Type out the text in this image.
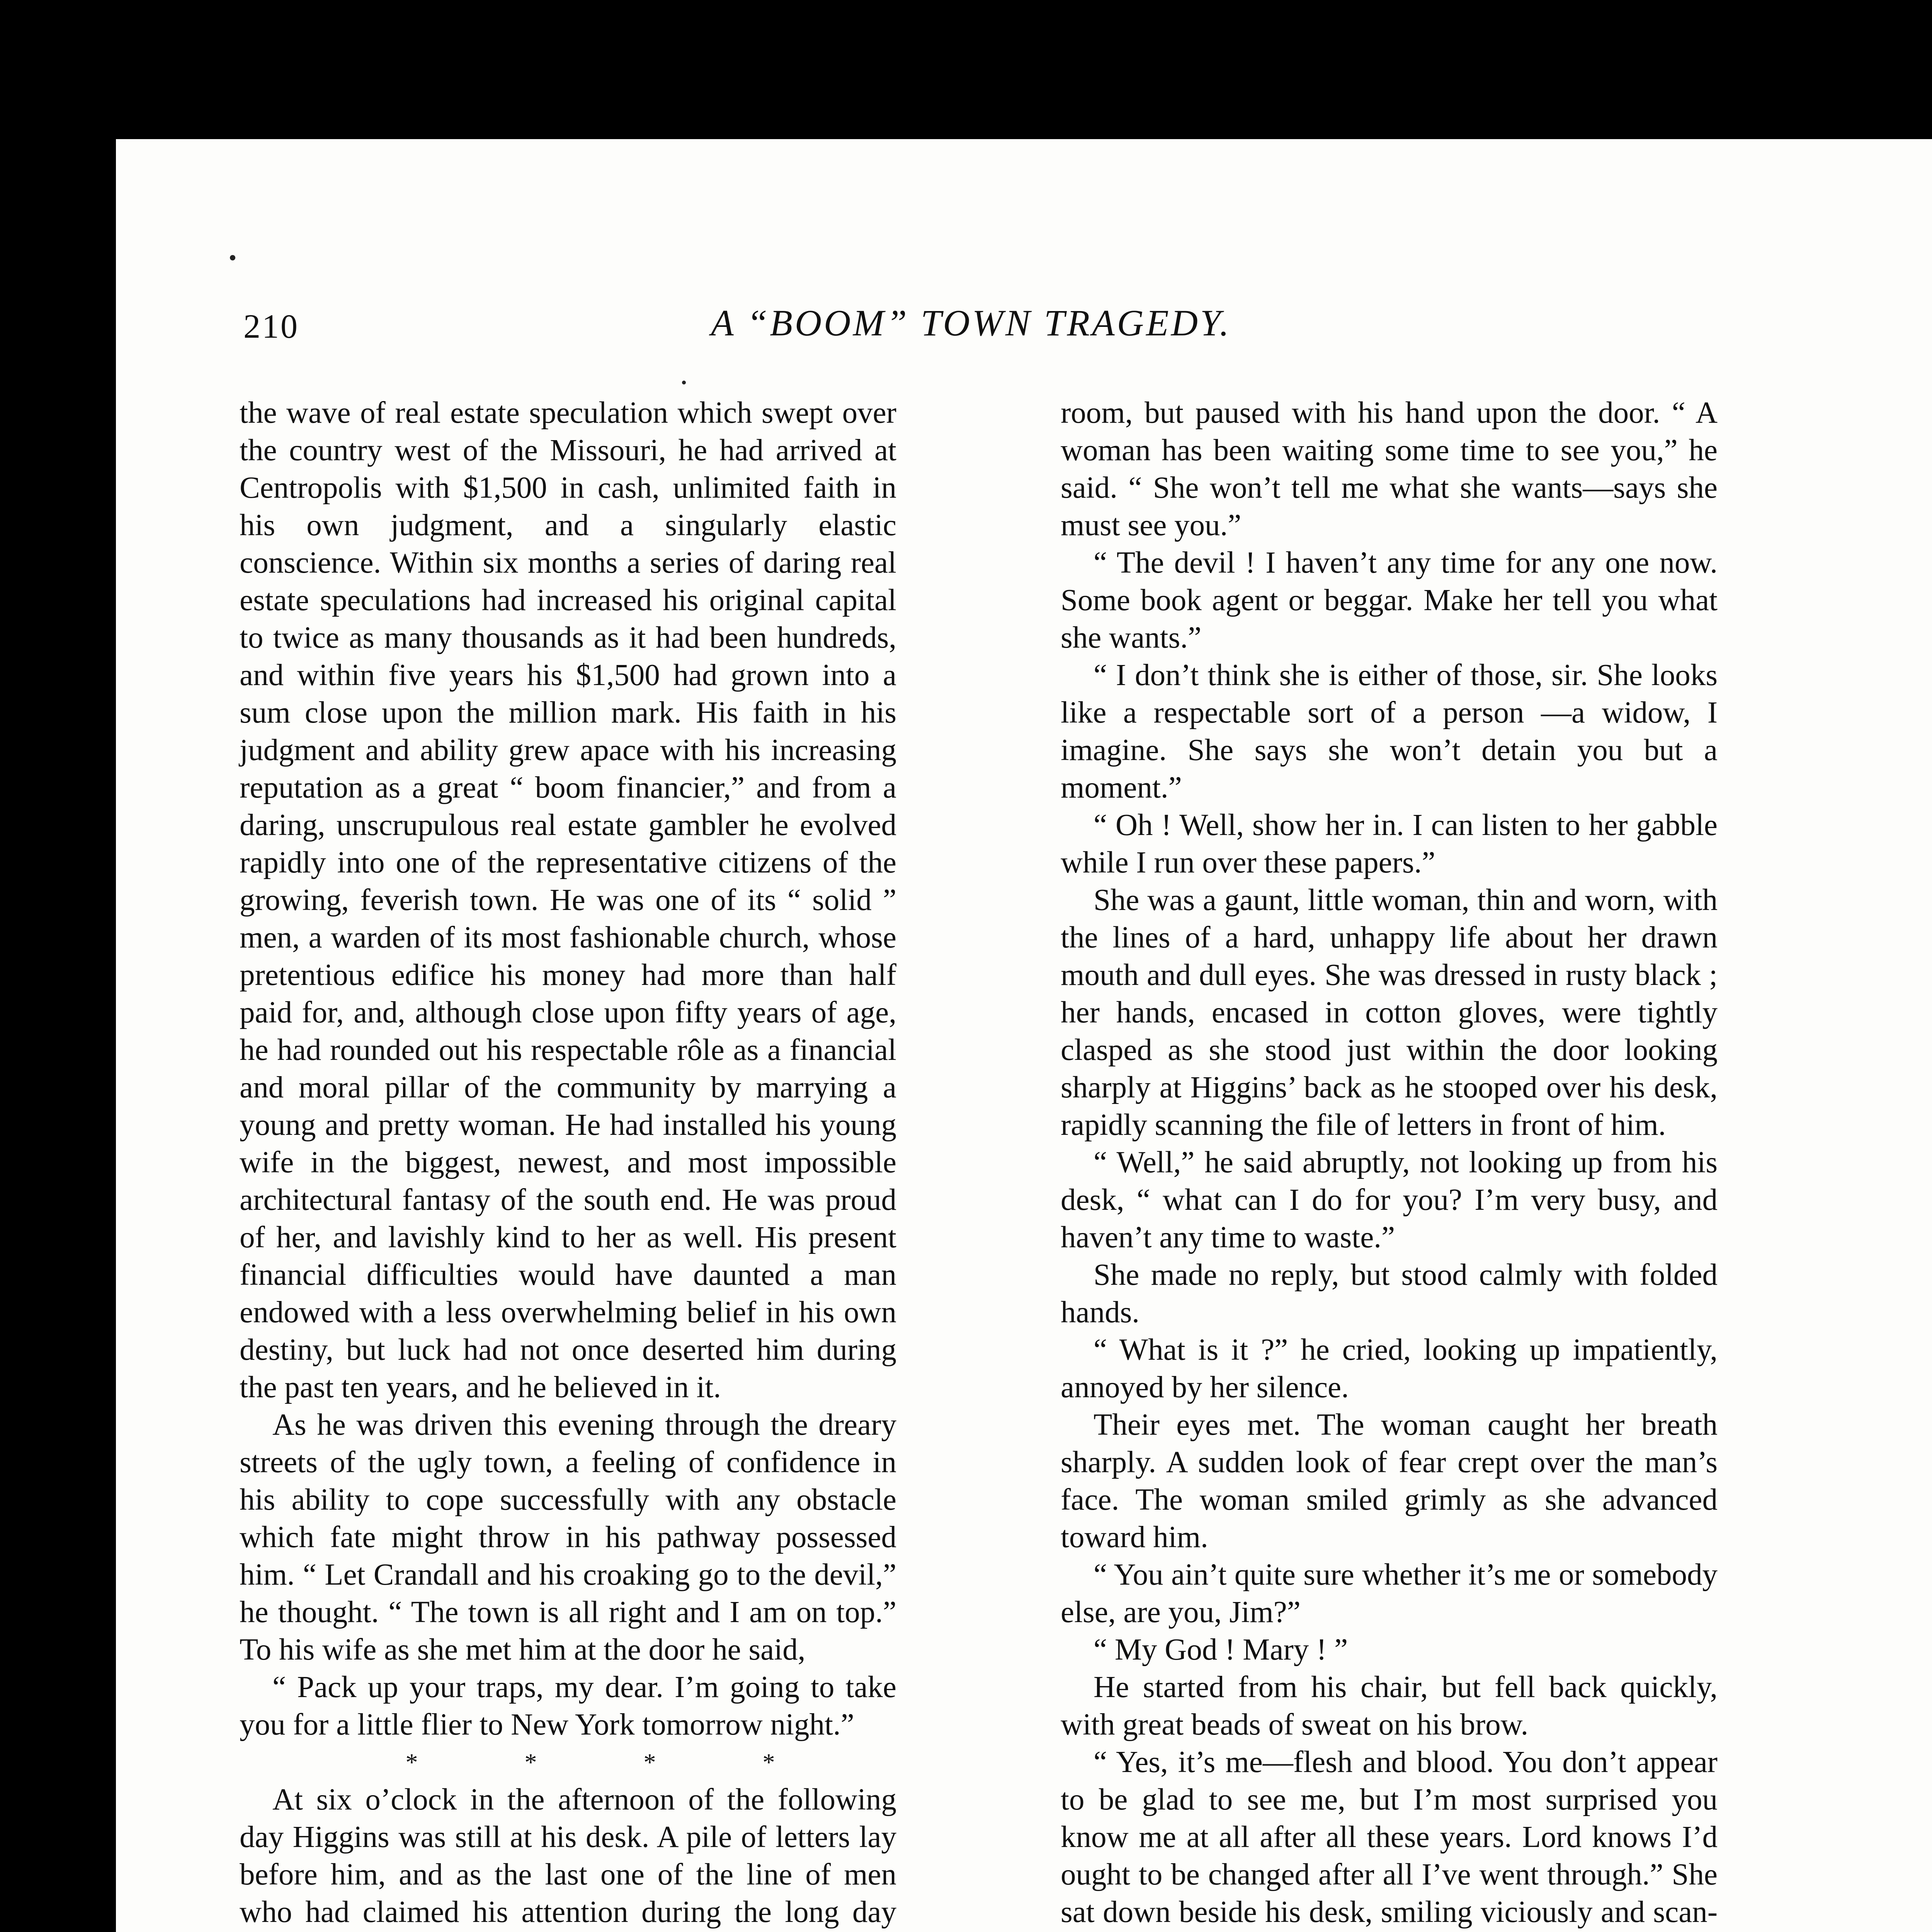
210	A “BOOM” TOWN TRAGEDY.

the wave of real estate speculation which swept over the country west of the Missouri, he had arrived at Centropolis with $1,500 in cash, unlimited faith in his own judgment, and a singularly elastic conscience. Within six months a series of daring real estate speculations had increased his original capital to twice as many thousands as it had been hundreds, and within five years his $1,500 had grown into a sum close upon the million mark. His faith in his judgment and ability grew apace with his increasing reputation as a great “ boom financier,” and from a daring, unscrupulous real estate gambler he evolved rapidly into one of the representative citizens of the growing, feverish town. He was one of its “ solid ” men, a warden of its most fashionable church, whose pretentious edifice his money had more than half paid for, and, although close upon fifty years of age, he had rounded out his respectable rôle as a financial and moral pillar of the community by marrying a young and pretty woman. He had installed his young wife in the biggest, newest, and most impossible architectural fantasy of the south end. He was proud of her, and lavishly kind to her as well. His present financial difficulties would have daunted a man endowed with a less overwhelming belief in his own destiny, but luck had not once deserted him during the past ten years, and he believed in it.

As he was driven this evening through the dreary streets of the ugly town, a feeling of confidence in his ability to cope successfully with any obstacle which fate might throw in his pathway possessed him. “ Let Crandall and his croaking go to the devil,” he thought. “ The town is all right and I am on top.” To his wife as she met him at the door he said,

“ Pack up your traps, my dear. I’m going to take you for a little flier to New York tomorrow night.”

* * * *

At six o’clock in the afternoon of the following day Higgins was still at his desk. A pile of letters lay before him, and as the last one of the line of men who had claimed his attention during the long day

room, but paused with his hand upon the door. “ A woman has been waiting some time to see you,” he said. “ She won’t tell me what she wants—says she must see you.”

“ The devil ! I haven’t any time for any one now. Some book agent or beggar. Make her tell you what she wants.”

“ I don’t think she is either of those, sir. She looks like a respectable sort of a person —a widow, I imagine. She says she won’t detain you but a moment.”

“ Oh ! Well, show her in. I can listen to her gabble while I run over these papers.”

She was a gaunt, little woman, thin and worn, with the lines of a hard, unhappy life about her drawn mouth and dull eyes. She was dressed in rusty black ; her hands, encased in cotton gloves, were tightly clasped as she stood just within the door looking sharply at Higgins’ back as he stooped over his desk, rapidly scanning the file of letters in front of him.

“ Well,” he said abruptly, not looking up from his desk, “ what can I do for you? I’m very busy, and haven’t any time to waste.”

She made no reply, but stood calmly with folded hands.

“ What is it ?” he cried, looking up impatiently, annoyed by her silence.

Their eyes met. The woman caught her breath sharply. A sudden look of fear crept over the man’s face. The woman smiled grimly as she advanced toward him.

“ You ain’t quite sure whether it’s me or somebody else, are you, Jim?”

“ My God ! Mary ! ”

He started from his chair, but fell back quickly, with great beads of sweat on his brow.

“ Yes, it’s me—flesh and blood. You don’t appear to be glad to see me, but I’m most surprised you know me at all after all these years. Lord knows I’d ought to be changed after all I’ve went through.” She sat down beside his desk, smiling viciously and scan
